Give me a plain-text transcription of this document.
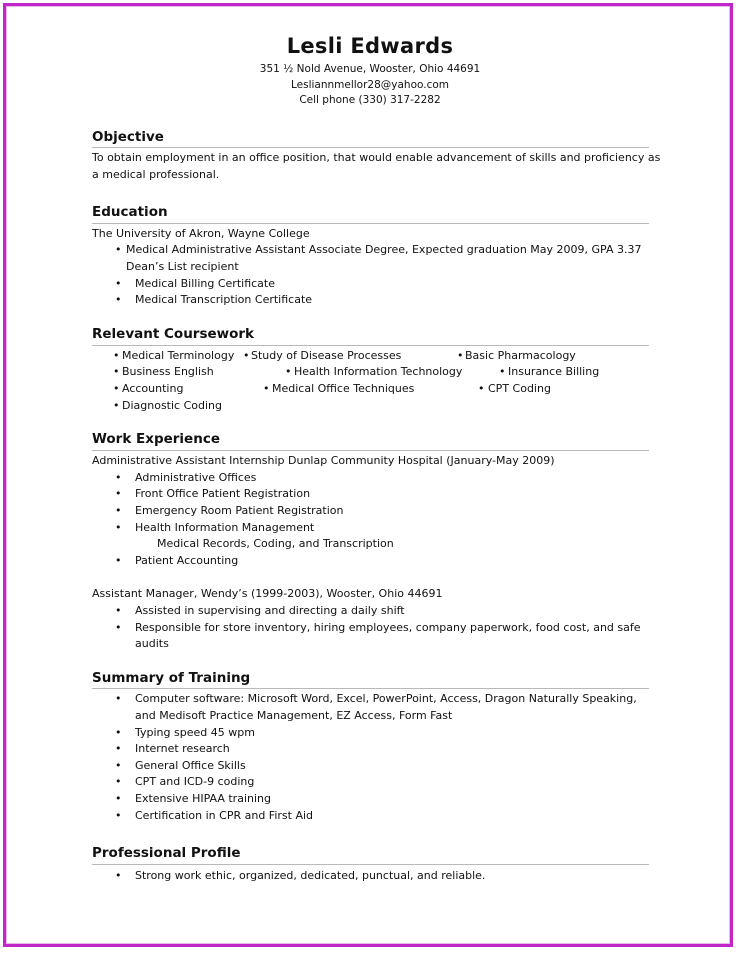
Lesli Edwards
351 ½ Nold Avenue, Wooster, Ohio 44691
Lesliannmellor28@yahoo.com
Cell phone (330) 317-2282
Objective
To obtain employment in an office position, that would enable advancement of skills and proficiency as
a medical professional.
Education
The University of Akron, Wayne College
• Medical Administrative Assistant Associate Degree, Expected graduation May 2009, GPA 3.37
Dean’s List recipient
• Medical Billing Certificate
• Medical Transcription Certificate
Relevant Coursework
• Medical Terminology • Study of Disease Processes	• Basic Pharmacology
• Business English	• Health Information Technology	• Insurance Billing
• Accounting	• Medical Office Techniques	• CPT Coding
• Diagnostic Coding
Work Experience
Administrative Assistant Internship Dunlap Community Hospital (January-May 2009)
• Administrative Offices
• Front Office Patient Registration
• Emergency Room Patient Registration
• Health Information Management
Medical Records, Coding, and Transcription
• Patient Accounting
Assistant Manager, Wendy’s (1999-2003), Wooster, Ohio 44691
• Assisted in supervising and directing a daily shift
• Responsible for store inventory, hiring employees, company paperwork, food cost, and safe
audits
Summary of Training
• Computer software: Microsoft Word, Excel, PowerPoint, Access, Dragon Naturally Speaking,
and Medisoft Practice Management, EZ Access, Form Fast
• Typing speed 45 wpm
• Internet research
• General Office Skills
• CPT and ICD-9 coding
• Extensive HIPAA training
• Certification in CPR and First Aid
Professional Profile
• Strong work ethic, organized, dedicated, punctual, and reliable.
